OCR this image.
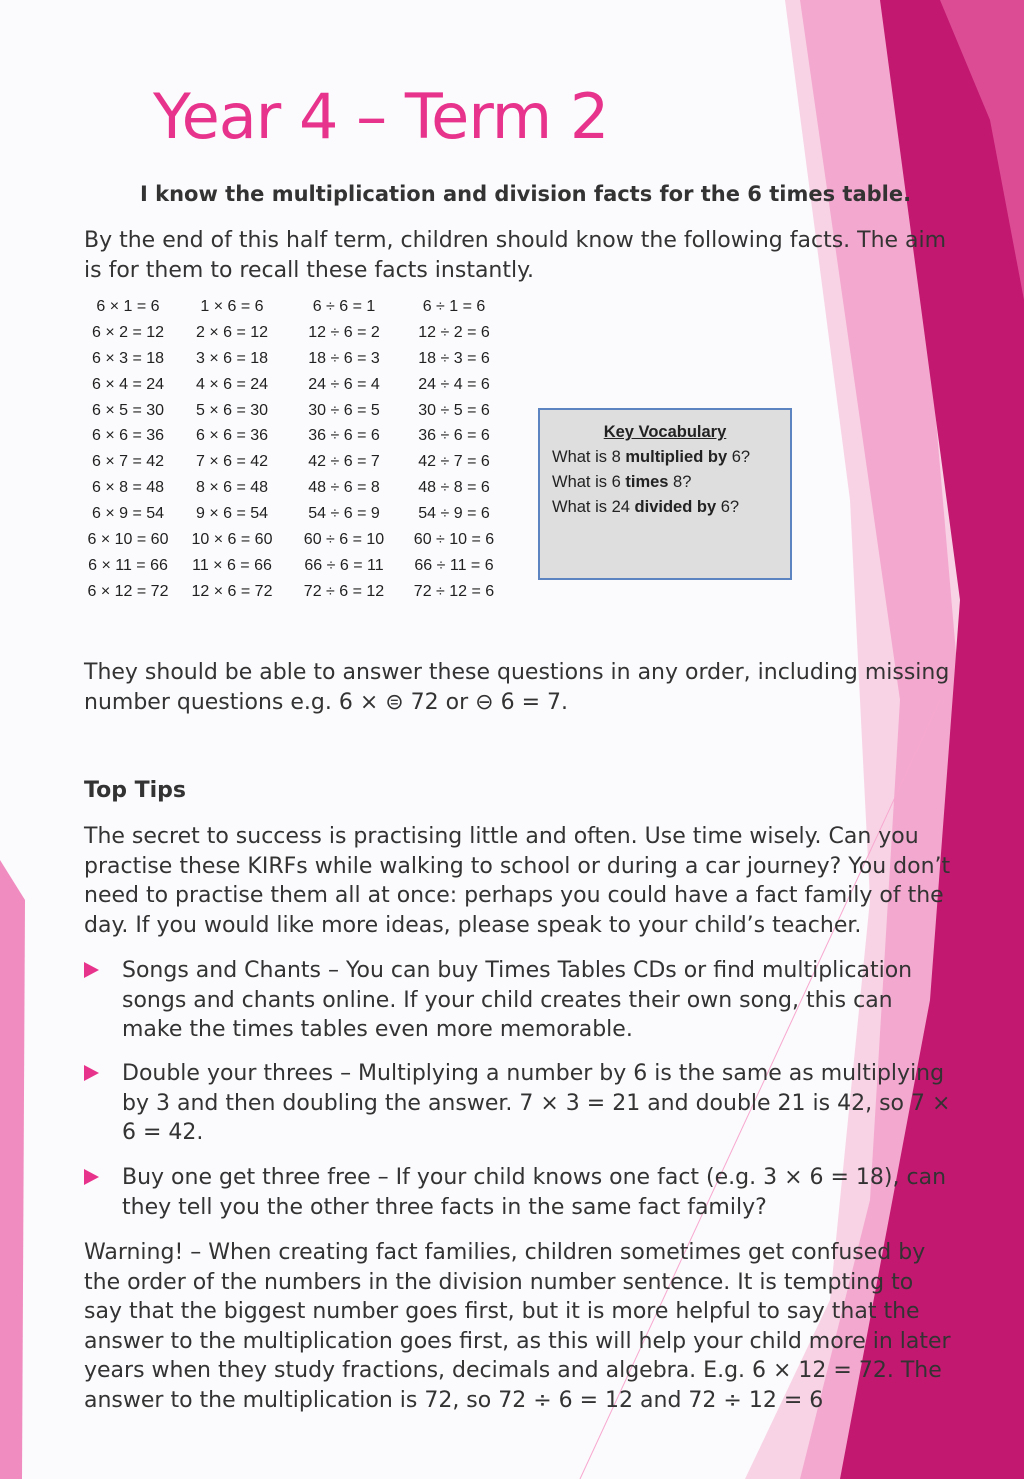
Year 4 – Term 2
I know the multiplication and division facts for the 6 times table.
By the end of this half term, children should know the following facts. The aim is for them to recall these facts instantly.
6 × 1 = 6	1 × 6 = 6	6 ÷ 6 = 1	6 ÷ 1 = 6
6 × 2 = 12	2 × 6 = 12	12 ÷ 6 = 2	12 ÷ 2 = 6
6 × 3 = 18	3 × 6 = 18	18 ÷ 6 = 3	18 ÷ 3 = 6
6 × 4 = 24	4 × 6 = 24	24 ÷ 6 = 4	24 ÷ 4 = 6
6 × 5 = 30	5 × 6 = 30	30 ÷ 6 = 5	30 ÷ 5 = 6
6 × 6 = 36	6 × 6 = 36	36 ÷ 6 = 6	36 ÷ 6 = 6
6 × 7 = 42	7 × 6 = 42	42 ÷ 6 = 7	42 ÷ 7 = 6
6 × 8 = 48	8 × 6 = 48	48 ÷ 6 = 8	48 ÷ 8 = 6
6 × 9 = 54	9 × 6 = 54	54 ÷ 6 = 9	54 ÷ 9 = 6
6 × 10 = 60	10 × 6 = 60	60 ÷ 6 = 10	60 ÷ 10 = 6
6 × 11 = 66	11 × 6 = 66	66 ÷ 6 = 11	66 ÷ 11 = 6
6 × 12 = 72	12 × 6 = 72	72 ÷ 6 = 12	72 ÷ 12 = 6
Key Vocabulary
What is 8 multiplied by 6?
What is 6 times 8?
What is 24 divided by 6?
They should be able to answer these questions in any order, including missing number questions e.g. 6 × ⊜ 72 or ⊖ 6 = 7.
Top Tips
The secret to success is practising little and often. Use time wisely. Can you practise these KIRFs while walking to school or during a car journey? You don’t need to practise them all at once: perhaps you could have a fact family of the day. If you would like more ideas, please speak to your child’s teacher.
Songs and Chants – You can buy Times Tables CDs or find multiplication songs and chants online. If your child creates their own song, this can make the times tables even more memorable.
Double your threes – Multiplying a number by 6 is the same as multiplying by 3 and then doubling the answer. 7 × 3 = 21 and double 21 is 42, so 7 × 6 = 42.
Buy one get three free – If your child knows one fact (e.g. 3 × 6 = 18), can they tell you the other three facts in the same fact family?
Warning! – When creating fact families, children sometimes get confused by the order of the numbers in the division number sentence. It is tempting to say that the biggest number goes first, but it is more helpful to say that the answer to the multiplication goes first, as this will help your child more in later years when they study fractions, decimals and algebra. E.g. 6 × 12 = 72. The answer to the multiplication is 72, so 72 ÷ 6 = 12 and 72 ÷ 12 = 6
